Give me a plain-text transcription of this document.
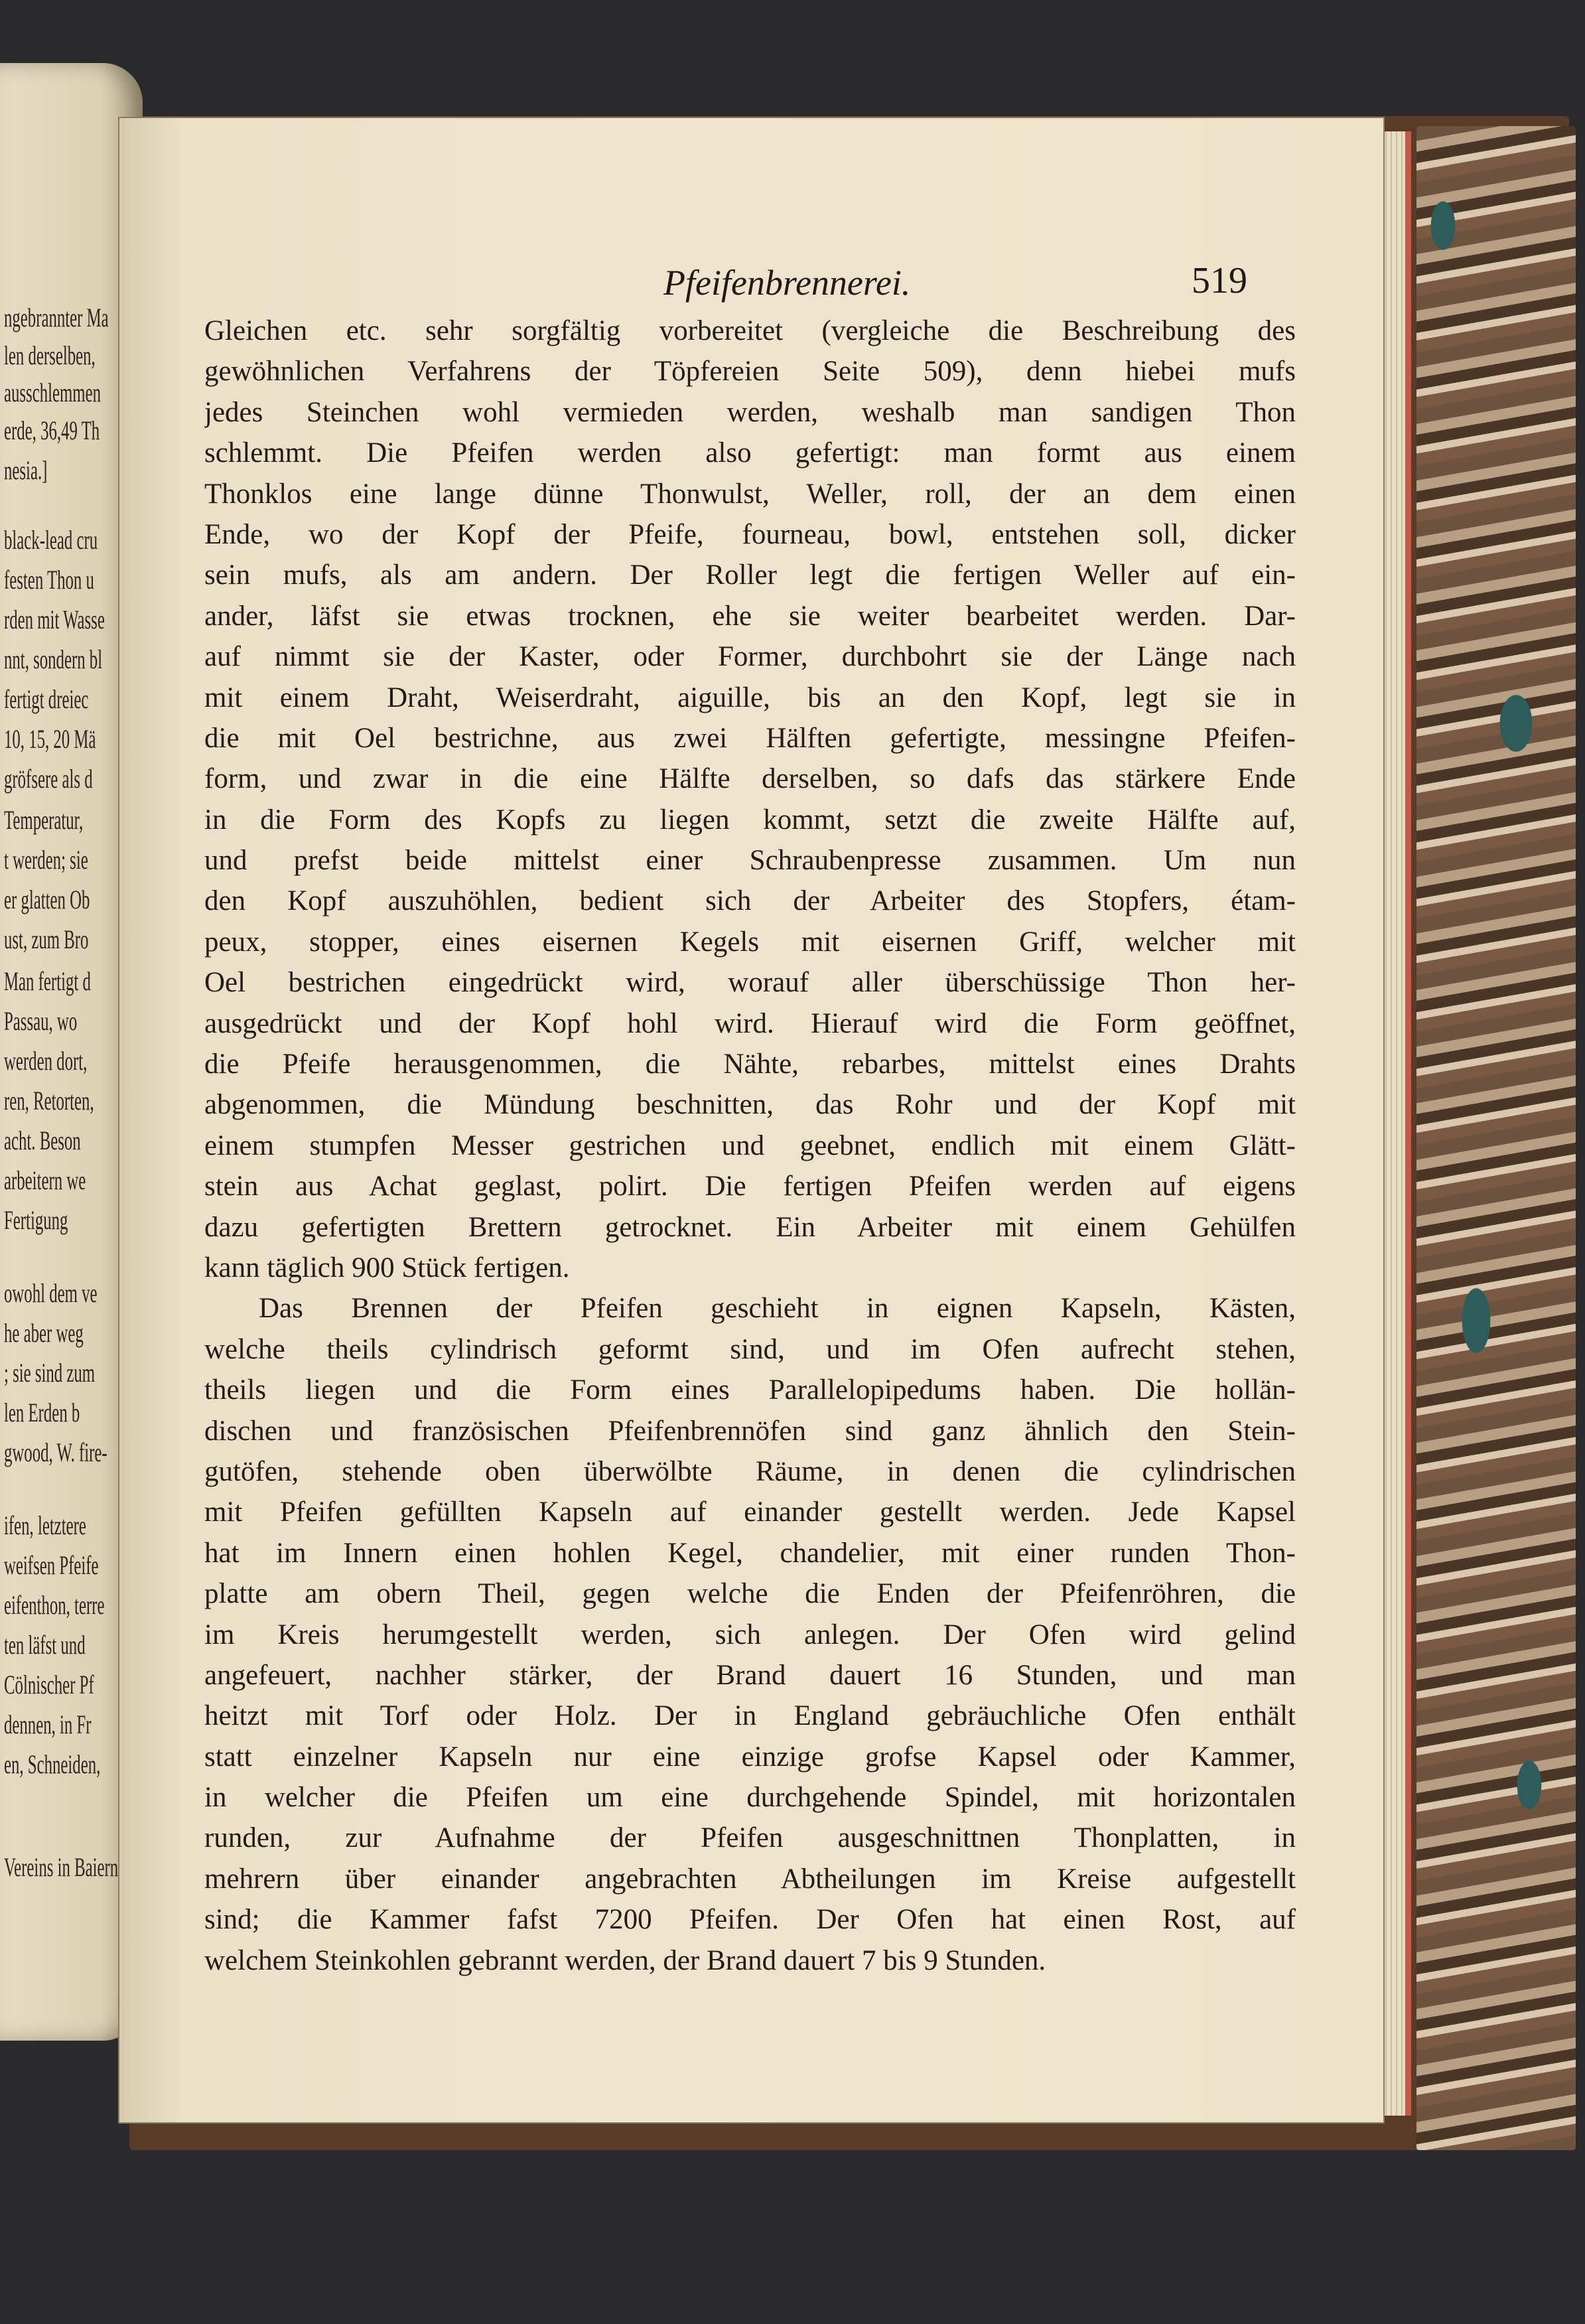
ngebrannter Ma
len derselben,
ausschlemmen
erde, 36,49 Th
nesia.]
black-lead cru
festen Thon u
rden mit Wasse
nnt, sondern bl
fertigt dreiec
10, 15, 20 Mä
gröfsere als d
Temperatur,
t werden; sie
er glatten Ob
ust, zum Bro
Man fertigt d
Passau, wo
werden dort,
ren, Retorten,
acht. Beson
arbeitern we
Fertigung
owohl dem ve
he aber weg
; sie sind zum
len Erden b
gwood, W. fire-
ifen, letztere
weifsen Pfeife
eifenthon, terre
ten läfst und
Cölnischer Pf
dennen, in Fr
en, Schneiden,
Vereins in Baiern
Pfeifenbrennerei.	519
Gleichen etc. sehr sorgfältig vorbereitet (vergleiche die Beschreibung des
gewöhnlichen Verfahrens der Töpfereien Seite 509), denn hiebei mufs
jedes Steinchen wohl vermieden werden, weshalb man sandigen Thon
schlemmt. Die Pfeifen werden also gefertigt: man formt aus einem
Thonklos eine lange dünne Thonwulst, Weller, roll, der an dem einen
Ende, wo der Kopf der Pfeife, fourneau, bowl, entstehen soll, dicker
sein mufs, als am andern. Der Roller legt die fertigen Weller auf ein-
ander, läfst sie etwas trocknen, ehe sie weiter bearbeitet werden. Dar-
auf nimmt sie der Kaster, oder Former, durchbohrt sie der Länge nach
mit einem Draht, Weiserdraht, aiguille, bis an den Kopf, legt sie in
die mit Oel bestrichne, aus zwei Hälften gefertigte, messingne Pfeifen-
form, und zwar in die eine Hälfte derselben, so dafs das stärkere Ende
in die Form des Kopfs zu liegen kommt, setzt die zweite Hälfte auf,
und prefst beide mittelst einer Schraubenpresse zusammen. Um nun
den Kopf auszuhöhlen, bedient sich der Arbeiter des Stopfers, étam-
peux, stopper, eines eisernen Kegels mit eisernen Griff, welcher mit
Oel bestrichen eingedrückt wird, worauf aller überschüssige Thon her-
ausgedrückt und der Kopf hohl wird. Hierauf wird die Form geöffnet,
die Pfeife herausgenommen, die Nähte, rebarbes, mittelst eines Drahts
abgenommen, die Mündung beschnitten, das Rohr und der Kopf mit
einem stumpfen Messer gestrichen und geebnet, endlich mit einem Glätt-
stein aus Achat geglast, polirt. Die fertigen Pfeifen werden auf eigens
dazu gefertigten Brettern getrocknet. Ein Arbeiter mit einem Gehülfen
kann täglich 900 Stück fertigen.
Das Brennen der Pfeifen geschieht in eignen Kapseln, Kästen,
welche theils cylindrisch geformt sind, und im Ofen aufrecht stehen,
theils liegen und die Form eines Parallelopipedums haben. Die hollän-
dischen und französischen Pfeifenbrennöfen sind ganz ähnlich den Stein-
gutöfen, stehende oben überwölbte Räume, in denen die cylindrischen
mit Pfeifen gefüllten Kapseln auf einander gestellt werden. Jede Kapsel
hat im Innern einen hohlen Kegel, chandelier, mit einer runden Thon-
platte am obern Theil, gegen welche die Enden der Pfeifenröhren, die
im Kreis herumgestellt werden, sich anlegen. Der Ofen wird gelind
angefeuert, nachher stärker, der Brand dauert 16 Stunden, und man
heitzt mit Torf oder Holz. Der in England gebräuchliche Ofen enthält
statt einzelner Kapseln nur eine einzige grofse Kapsel oder Kammer,
in welcher die Pfeifen um eine durchgehende Spindel, mit horizontalen
runden, zur Aufnahme der Pfeifen ausgeschnittnen Thonplatten, in
mehrern über einander angebrachten Abtheilungen im Kreise aufgestellt
sind; die Kammer fafst 7200 Pfeifen. Der Ofen hat einen Rost, auf
welchem Steinkohlen gebrannt werden, der Brand dauert 7 bis 9 Stunden.
